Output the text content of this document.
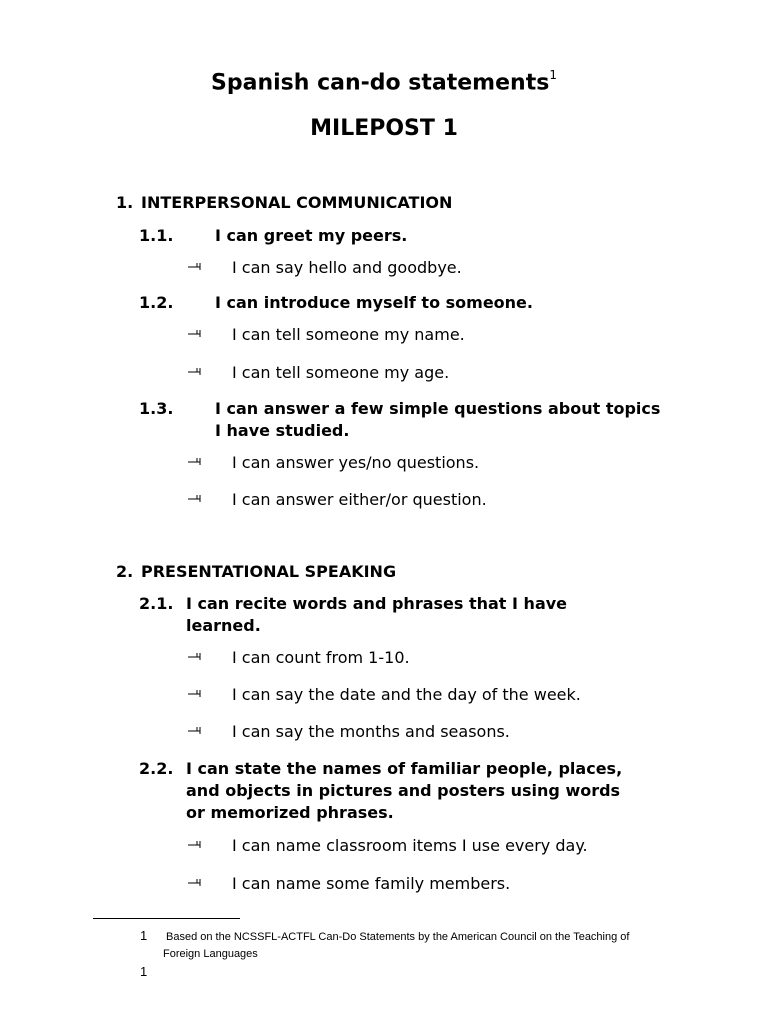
Spanish can-do statements$^1$
MILEPOST 1
1. INTERPERSONAL COMMUNICATION
1.1.	I can greet my peers.
I can say hello and goodbye.
1.2.	I can introduce myself to someone.
I can tell someone my name.
I can tell someone my age.
1.3.	I can answer a few simple questions about topics I have studied.
I can answer yes/no questions.
I can answer either/or question.
2. PRESENTATIONAL SPEAKING
2.1. I can recite words and phrases that I have learned.
I can count from 1-10.
I can say the date and the day of the week.
I can say the months and seasons.
2.2. I can state the names of familiar people, places, and objects in pictures and posters using words or memorized phrases.
I can name classroom items I use every day.
I can name some family members.
1 Based on the NCSSFL-ACTFL Can-Do Statements by the American Council on the Teaching of Foreign Languages
1
